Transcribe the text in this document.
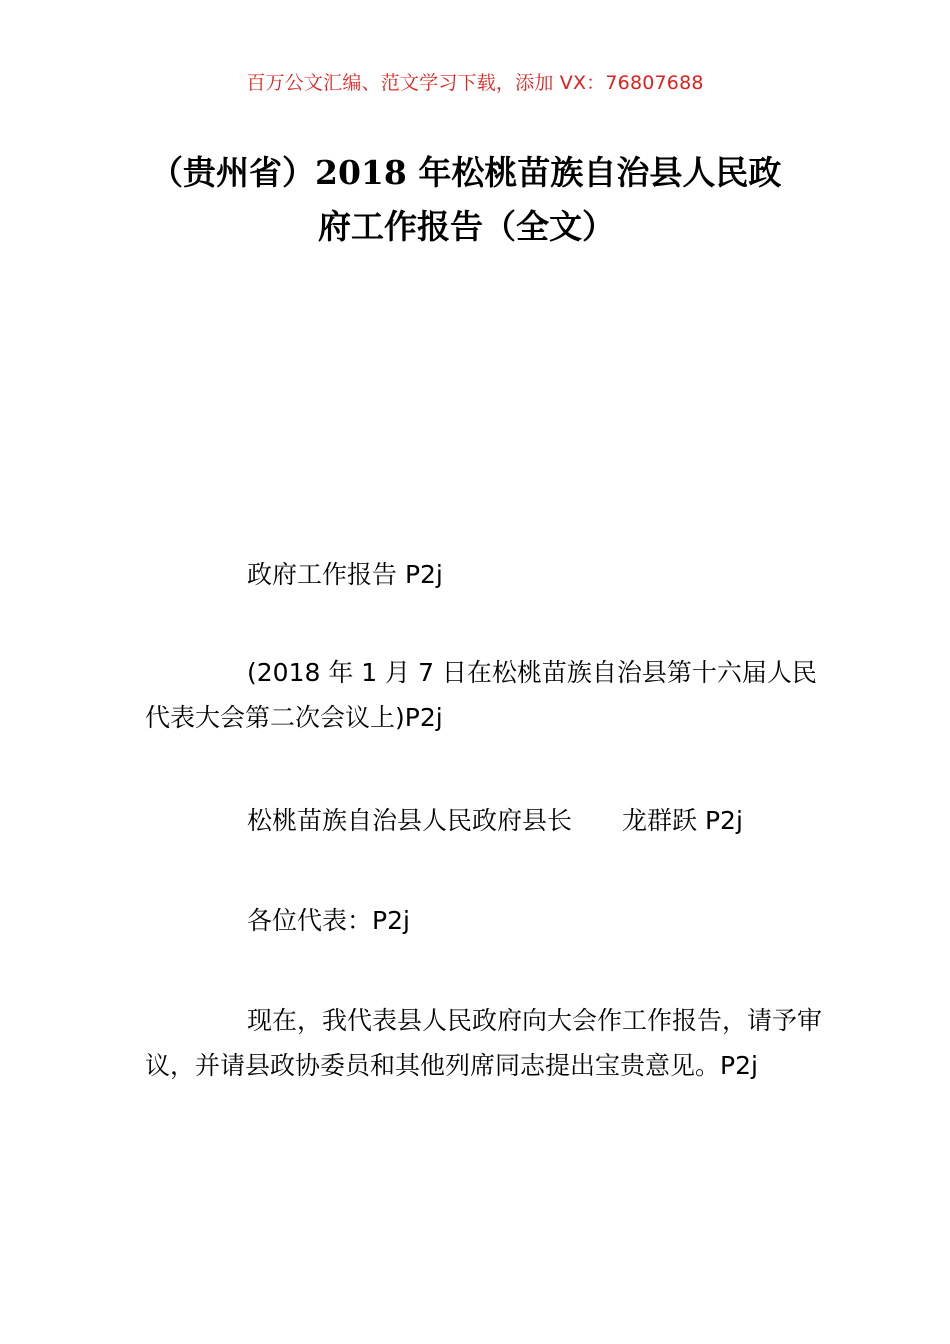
百万公文汇编、范文学习下载，添加 VX：76807688
（贵州省）2018 年松桃苗族自治县人民政
府工作报告（全文）
政府工作报告 P2j
(2018 年 1 月 7 日在松桃苗族自治县第十六届人民代表大会第二次会议上)P2j
松桃苗族自治县人民政府县长 龙群跃 P2j
各位代表：P2j
现在，我代表县人民政府向大会作工作报告，请予审议，并请县政协委员和其他列席同志提出宝贵意见。P2j
